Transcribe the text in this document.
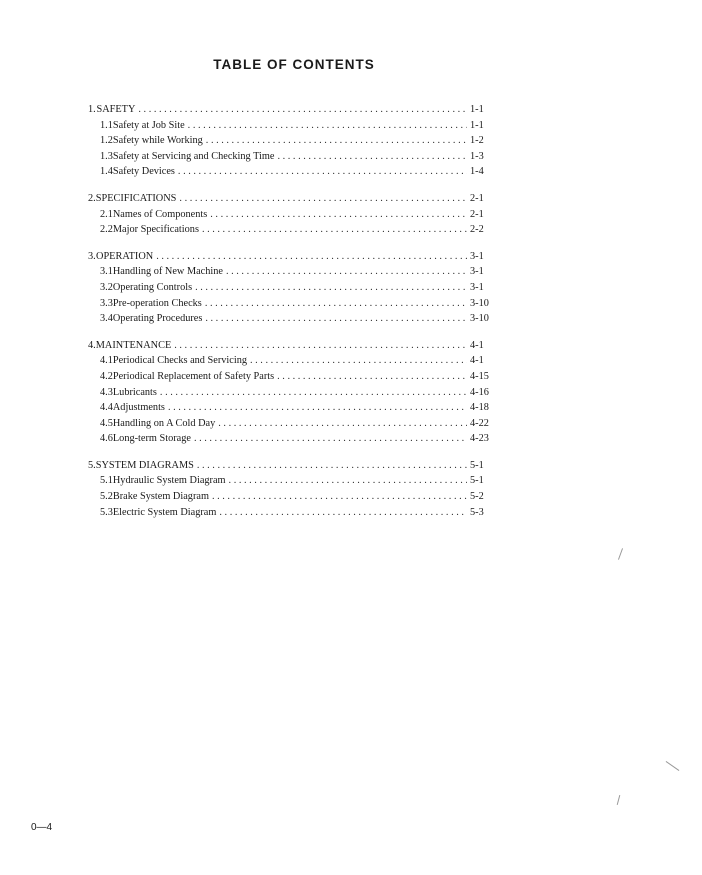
TABLE OF CONTENTS
1. SAFETY . . .	1-1
1.1 Safety at Job Site . . .	1-1
1.2 Safety while Working . . .	1-2
1.3 Safety at Servicing and Checking Time . . .	1-3
1.4 Safety Devices . . .	1-4
2. SPECIFICATIONS . . .	2-1
2.1 Names of Components . . .	2-1
2.2 Major Specifications . . .	2-2
3. OPERATION . . .	3-1
3.1 Handling of New Machine . . .	3-1
3.2 Operating Controls . . .	3-1
3.3 Pre-operation Checks . . .	3-10
3.4 Operating Procedures . . .	3-10
4. MAINTENANCE . . .	4-1
4.1 Periodical Checks and Servicing . . .	4-1
4.2 Periodical Replacement of Safety Parts . . .	4-15
4.3 Lubricants . . .	4-16
4.4 Adjustments . . .	4-18
4.5 Handling on A Cold Day . . .	4-22
4.6 Long-term Storage . . .	4-23
5. SYSTEM DIAGRAMS . . .	5-1
5.1 Hydraulic System Diagram . . .	5-1
5.2 Brake System Diagram . . .	5-2
5.3 Electric System Diagram . . .	5-3
0—4
